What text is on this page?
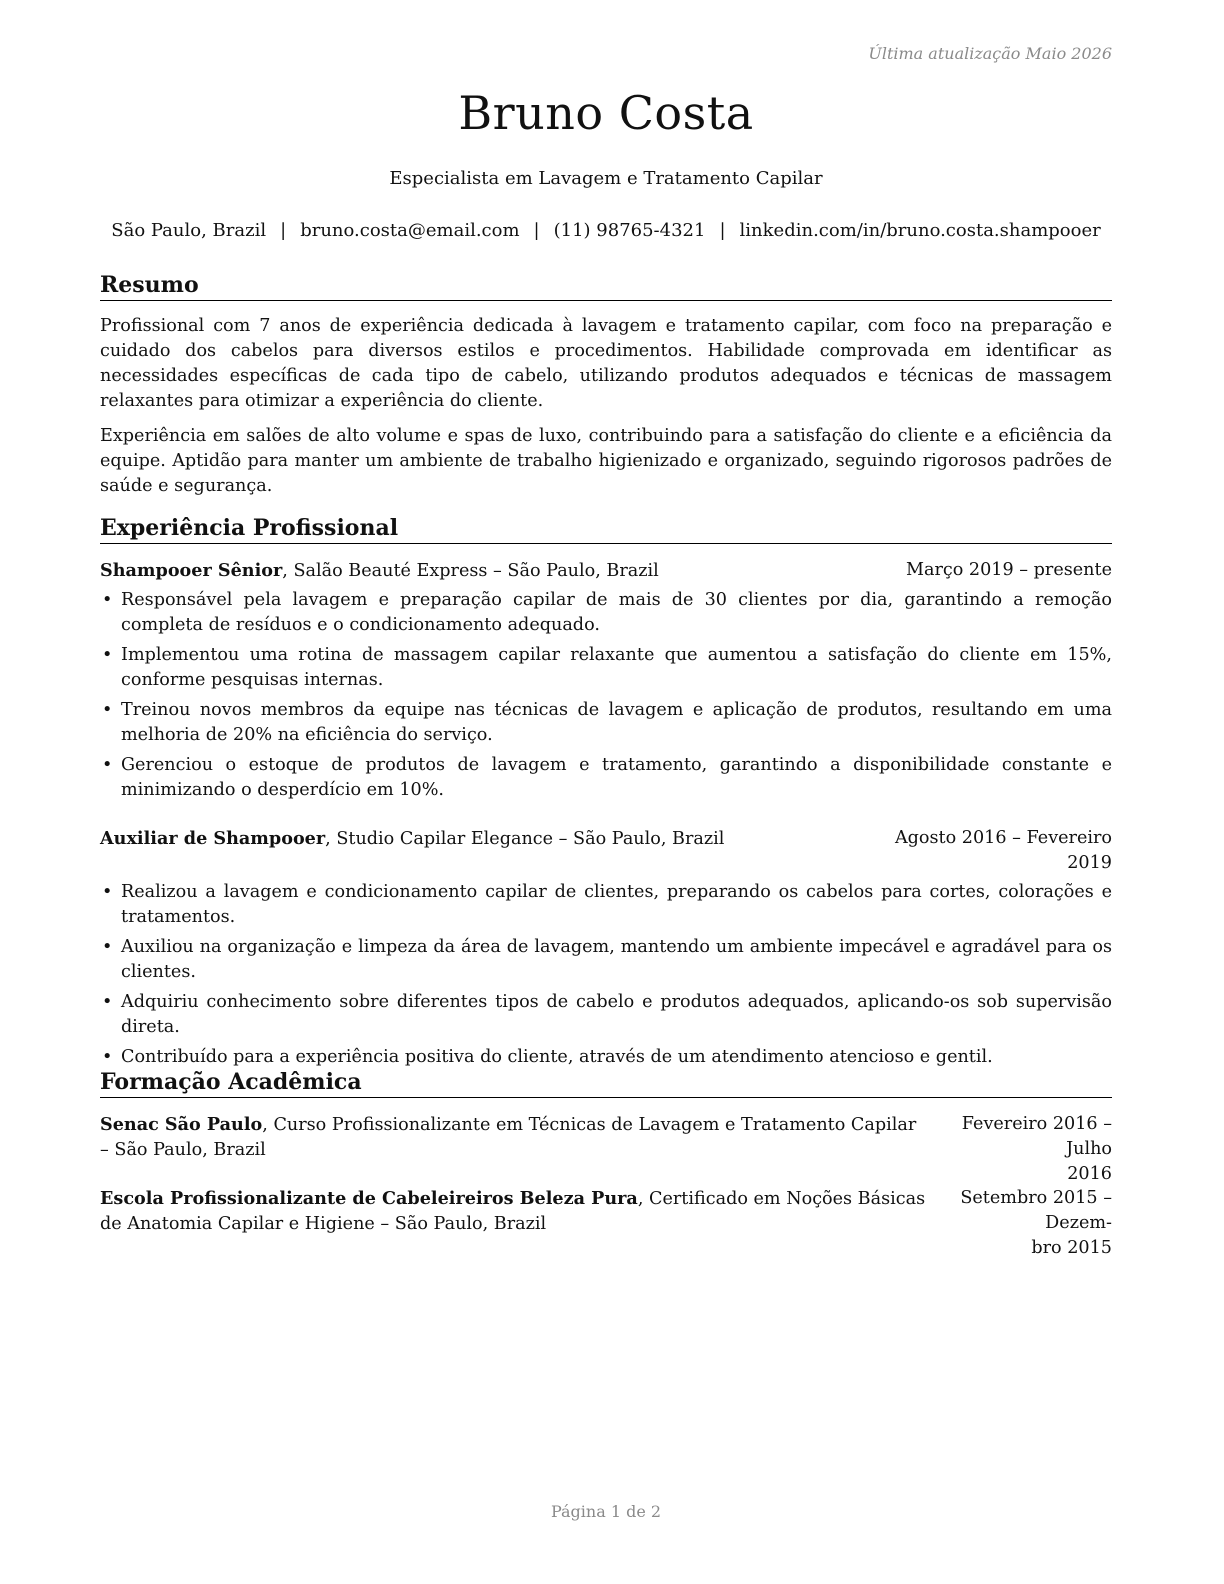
Última atualização Maio 2026
Bruno Costa
Especialista em Lavagem e Tratamento Capilar
São Paulo, Brazil | bruno.costa@email.com | (11) 98765-4321 | linkedin.com/in/bruno.costa.shampooer
Resumo

Profissional com 7 anos de experiência dedicada à lavagem e tratamento capilar, com foco na preparação e cuidado dos cabelos para diversos estilos e procedimentos. Habilidade comprovada em identificar as necessidades específicas de cada tipo de cabelo, utilizando produtos adequados e técnicas de massagem relaxantes para otimizar a experiência do cliente.

Experiência em salões de alto volume e spas de luxo, contribuindo para a satisfação do cliente e a eficiência da equipe. Aptidão para manter um ambiente de trabalho higienizado e organizado, seguindo rigorosos padrões de saúde e segurança.

Experiência Profissional
Shampooer Sênior, Salão Beauté Express – São Paulo, Brazil	Março 2019 – presente
• Responsável pela lavagem e preparação capilar de mais de 30 clientes por dia, garantindo a remoção completa de resíduos e o condicionamento adequado.
• Implementou uma rotina de massagem capilar relaxante que aumentou a satisfação do cliente em 15%, conforme pesquisas internas.
• Treinou novos membros da equipe nas técnicas de lavagem e aplicação de produtos, resultando em uma melhoria de 20% na eficiência do serviço.
• Gerenciou o estoque de produtos de lavagem e tratamento, garantindo a disponibilidade constante e minimizando o desperdício em 10%.
Auxiliar de Shampooer, Studio Capilar Elegance – São Paulo, Brazil	Agosto 2016 – Fevereiro
2019
• Realizou a lavagem e condicionamento capilar de clientes, preparando os cabelos para cortes, colorações e tratamentos.
• Auxiliou na organização e limpeza da área de lavagem, mantendo um ambiente impecável e agradável para os clientes.
• Adquiriu conhecimento sobre diferentes tipos de cabelo e produtos adequados, aplicando-os sob supervisão direta.
• Contribuído para a experiência positiva do cliente, através de um atendimento atencioso e gentil.
Formação Acadêmica
Senac São Paulo, Curso Profissionalizante em Técnicas de Lavagem e Tratamento Capilar
– São Paulo, Brazil
Fevereiro 2016 – Julho
2016
Escola Profissionalizante de Cabeleireiros Beleza Pura, Certificado em Noções Básicas
de Anatomia Capilar e Higiene – São Paulo, Brazil
Setembro 2015 – Dezem-
bro 2015
Página 1 de 2
